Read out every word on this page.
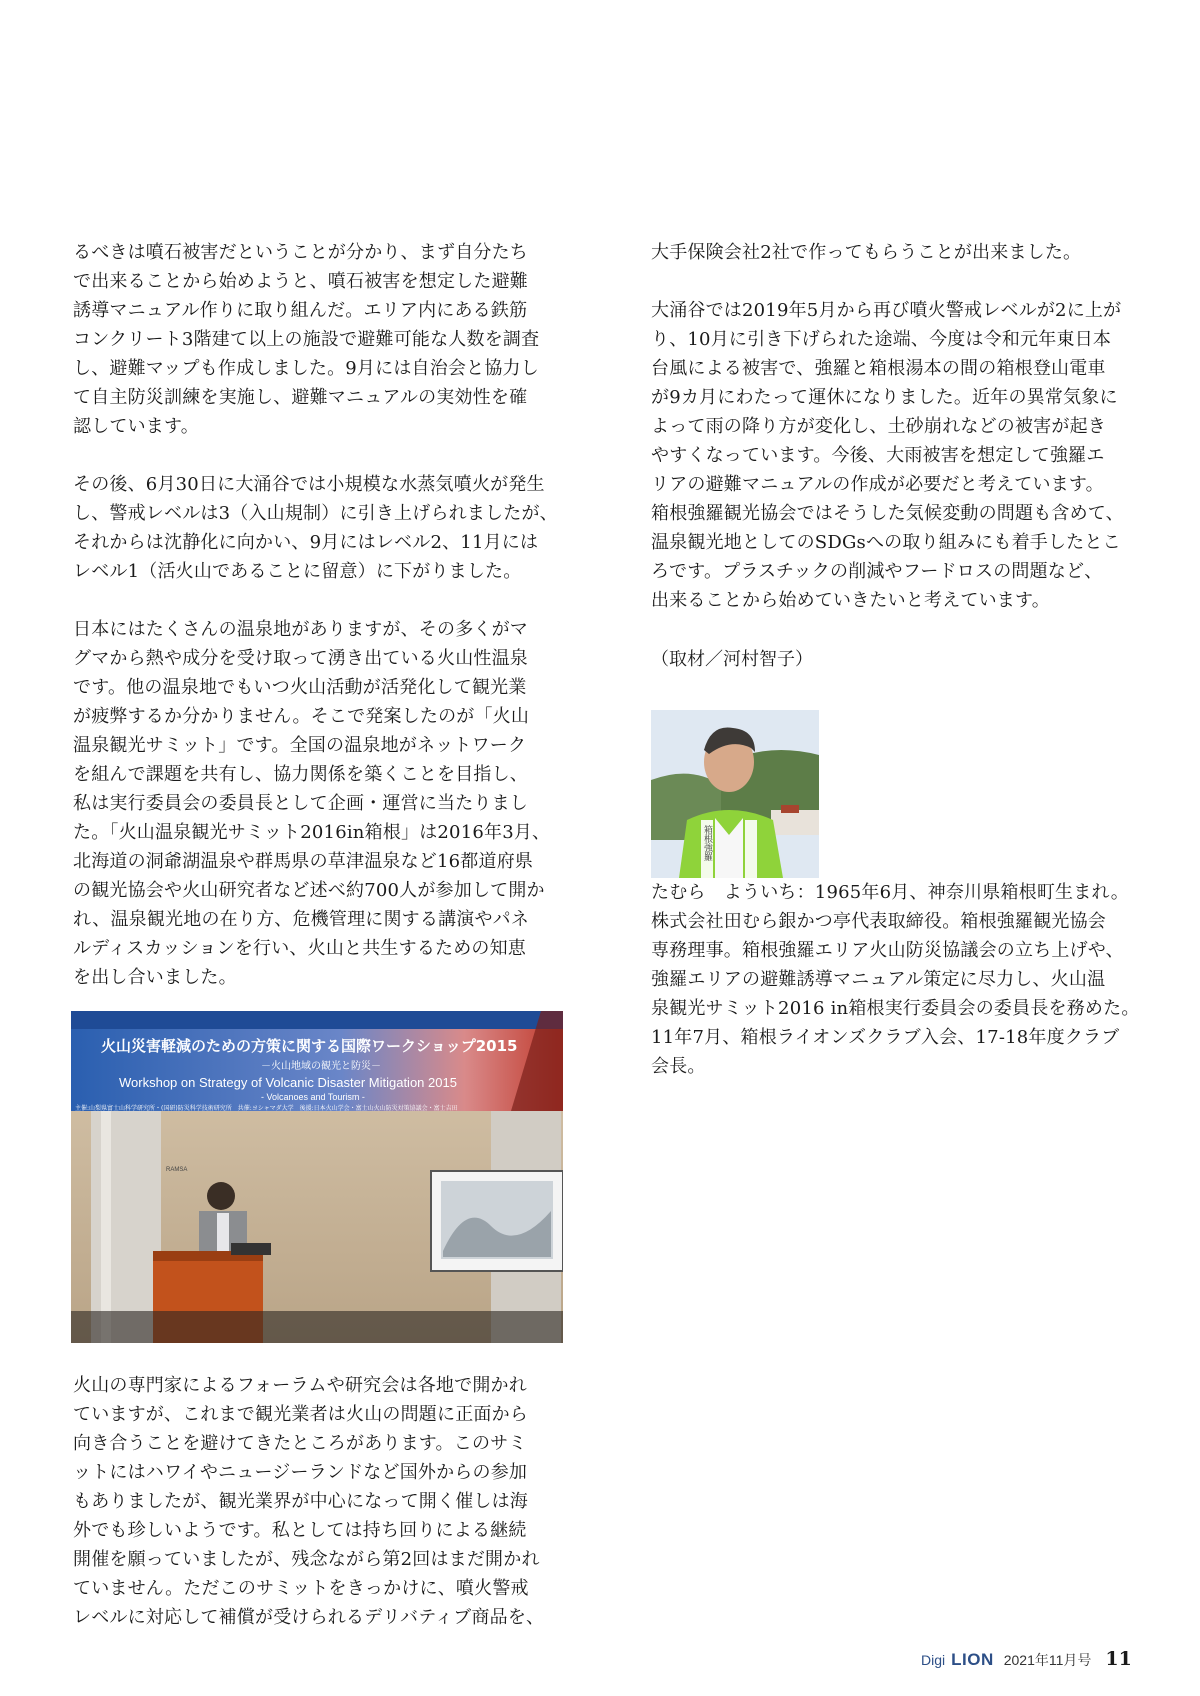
るべきは噴石被害だということが分かり、まず自分たち
で出来ることから始めようと、噴石被害を想定した避難
誘導マニュアル作りに取り組んだ。エリア内にある鉄筋
コンクリート3階建て以上の施設で避難可能な人数を調査
し、避難マップも作成しました。9月には自治会と協力し
て自主防災訓練を実施し、避難マニュアルの実効性を確
認しています。

その後、6月30日に大涌谷では小規模な水蒸気噴火が発生
し、警戒レベルは3（入山規制）に引き上げられましたが、
それからは沈静化に向かい、9月にはレベル2、11月には
レベル1（活火山であることに留意）に下がりました。

日本にはたくさんの温泉地がありますが、その多くがマ
グマから熱や成分を受け取って湧き出ている火山性温泉
です。他の温泉地でもいつ火山活動が活発化して観光業
が疲弊するか分かりません。そこで発案したのが「火山
温泉観光サミット」です。全国の温泉地がネットワーク
を組んで課題を共有し、協力関係を築くことを目指し、
私は実行委員会の委員長として企画・運営に当たりまし
た。「火山温泉観光サミット2016in箱根」は2016年3月、
北海道の洞爺湖温泉や群馬県の草津温泉など16都道府県
の観光協会や火山研究者など述べ約700人が参加して開か
れ、温泉観光地の在り方、危機管理に関する講演やパネ
ルディスカッションを行い、火山と共生するための知恵
を出し合いました。

火山災害軽減のための方策に関する国際ワークショップ2015
－火山地域の観光と防災－
Workshop on Strategy of Volcanic Disaster Mitigation 2015
- Volcanoes and Tourism -
主催:山梨県富士山科学研究所・(国研)防災科学技術研究所　共催:ヨシャマダ大学　後援:日本火山学会・富士山火山防災対策協議会・富士吉田
RAMSA

火山の専門家によるフォーラムや研究会は各地で開かれ
ていますが、これまで観光業者は火山の問題に正面から
向き合うことを避けてきたところがあります。このサミ
ットにはハワイやニュージーランドなど国外からの参加
もありましたが、観光業界が中心になって開く催しは海
外でも珍しいようです。私としては持ち回りによる継続
開催を願っていましたが、残念ながら第2回はまだ開かれ
ていません。ただこのサミットをきっかけに、噴火警戒
レベルに対応して補償が受けられるデリバティブ商品を、

大手保険会社2社で作ってもらうことが出来ました。

大涌谷では2019年5月から再び噴火警戒レベルが2に上が
り、10月に引き下げられた途端、今度は令和元年東日本
台風による被害で、強羅と箱根湯本の間の箱根登山電車
が9カ月にわたって運休になりました。近年の異常気象に
よって雨の降り方が変化し、土砂崩れなどの被害が起き
やすくなっています。今後、大雨被害を想定して強羅エ
リアの避難マニュアルの作成が必要だと考えています。
箱根強羅観光協会ではそうした気候変動の問題も含めて、
温泉観光地としてのSDGsへの取り組みにも着手したとこ
ろです。プラスチックの削減やフードロスの問題など、
出来ることから始めていきたいと考えています。

（取材／河村智子）
箱根強羅

たむら　よういち：1965年6月、神奈川県箱根町生まれ。
株式会社田むら銀かつ亭代表取締役。箱根強羅観光協会
専務理事。箱根強羅エリア火山防災協議会の立ち上げや、
強羅エリアの避難誘導マニュアル策定に尽力し、火山温
泉観光サミット2016 in箱根実行委員会の委員長を務めた。
11年7月、箱根ライオンズクラブ入会、17-18年度クラブ
会長。

Digi LION 2021年11月号 11
